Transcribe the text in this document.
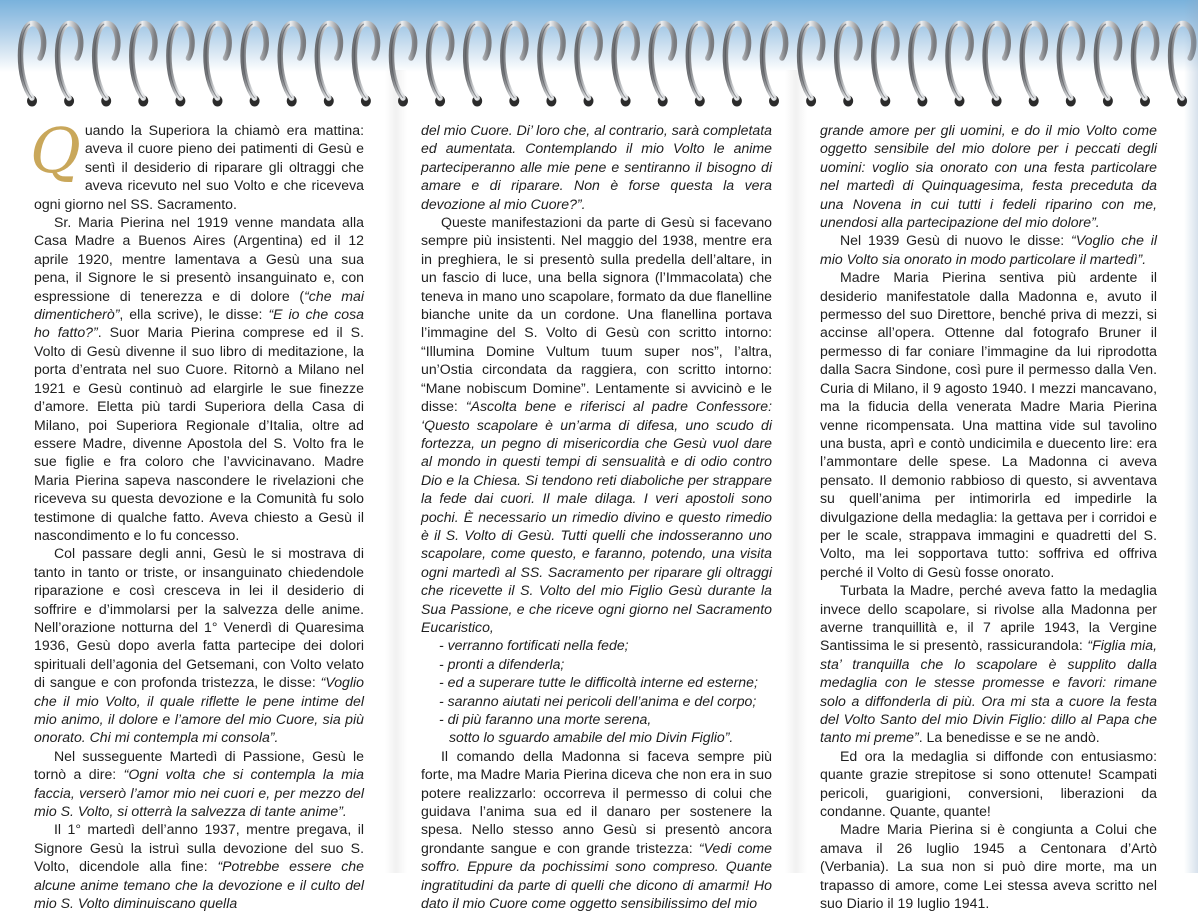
Quando la Superiora la chiamò era mattina: aveva il cuore pieno dei patimenti di Gesù e sentì il desiderio di riparare gli oltraggi che aveva ricevuto nel suo Volto e che riceveva ogni giorno nel SS. Sacramento.

Sr. Maria Pierina nel 1919 venne mandata alla Casa Madre a Buenos Aires (Argentina) ed il 12 aprile 1920, mentre lamentava a Gesù una sua pena, il Signore le si presentò insanguinato e, con espressione di tenerezza e di dolore (“che mai dimenticherò”, ella scrive), le disse: “E io che cosa ho fatto?”. Suor Maria Pierina comprese ed il S. Volto di Gesù divenne il suo libro di meditazione, la porta d’entrata nel suo Cuore. Ritornò a Milano nel 1921 e Gesù continuò ad elargirle le sue finezze d’amore. Eletta più tardi Superiora della Casa di Milano, poi Superiora Regionale d’Italia, oltre ad essere Madre, divenne Apostola del S. Volto fra le sue figlie e fra coloro che l’avvicinavano. Madre Maria Pierina sapeva nascondere le rivelazioni che riceveva su questa devozione e la Comunità fu solo testimone di qualche fatto. Aveva chiesto a Gesù il nascondimento e lo fu concesso.

Col passare degli anni, Gesù le si mostrava di tanto in tanto or triste, or insanguinato chiedendole riparazione e così cresceva in lei il desiderio di soffrire e d’immolarsi per la salvezza delle anime. Nell’orazione notturna del 1° Venerdì di Quaresima 1936, Gesù dopo averla fatta partecipe dei dolori spirituali dell’agonia del Getsemani, con Volto velato di sangue e con profonda tristezza, le disse: “Voglio che il mio Volto, il quale riflette le pene intime del mio animo, il dolore e l’amore del mio Cuore, sia più onorato. Chi mi contempla mi consola”.

Nel susseguente Martedì di Passione, Gesù le tornò a dire: “Ogni volta che si contempla la mia faccia, verserò l’amor mio nei cuori e, per mezzo del mio S. Volto, si otterrà la salvezza di tante anime”.

Il 1° martedì dell’anno 1937, mentre pregava, il Signore Gesù la istruì sulla devozione del suo S. Volto, dicendole alla fine: “Potrebbe essere che alcune anime temano che la devozione e il culto del mio S. Volto diminuiscano quella

del mio Cuore. Di’ loro che, al contrario, sarà completata ed aumentata. Contemplando il mio Volto le anime parteciperanno alle mie pene e sentiranno il bisogno di amare e di riparare. Non è forse questa la vera devozione al mio Cuore?”.

Queste manifestazioni da parte di Gesù si facevano sempre più insistenti. Nel maggio del 1938, mentre era in preghiera, le si presentò sulla predella dell’altare, in un fascio di luce, una bella signora (l’Immacolata) che teneva in mano uno scapolare, formato da due flanelline bianche unite da un cordone. Una flanellina portava l’immagine del S. Volto di Gesù con scritto intorno: “Illumina Domine Vultum tuum super nos”, l’altra, un’Ostia circondata da raggiera, con scritto intorno: “Mane nobiscum Domine”. Lentamente si avvicinò e le disse: “Ascolta bene e riferisci al padre Confessore: ‘Questo scapolare è un’arma di difesa, uno scudo di fortezza, un pegno di misericordia che Gesù vuol dare al mondo in questi tempi di sensualità e di odio contro Dio e la Chiesa. Si tendono reti diaboliche per strappare la fede dai cuori. Il male dilaga. I veri apostoli sono pochi. È necessario un rimedio divino e questo rimedio è il S. Volto di Gesù. Tutti quelli che indosseranno uno scapolare, come questo, e faranno, potendo, una visita ogni martedì al SS. Sacramento per riparare gli oltraggi che ricevette il S. Volto del mio Figlio Gesù durante la Sua Passione, e che riceve ogni giorno nel Sacramento Eucaristico,

- verranno fortificati nella fede;
- pronti a difenderla;
- ed a superare tutte le difficoltà interne ed esterne;
- saranno aiutati nei pericoli dell’anima e del corpo;
- di più faranno una morte serena,
sotto lo sguardo amabile del mio Divin Figlio”.

Il comando della Madonna si faceva sempre più forte, ma Madre Maria Pierina diceva che non era in suo potere realizzarlo: occorreva il permesso di colui che guidava l’anima sua ed il danaro per sostenere la spesa. Nello stesso anno Gesù si presentò ancora grondante sangue e con grande tristezza: “Vedi come soffro. Eppure da pochissimi sono compreso. Quante ingratitudini da parte di quelli che dicono di amarmi! Ho dato il mio Cuore come oggetto sensibilissimo del mio

grande amore per gli uomini, e do il mio Volto come oggetto sensibile del mio dolore per i peccati degli uomini: voglio sia onorato con una festa particolare nel martedì di Quinquagesima, festa preceduta da una Novena in cui tutti i fedeli riparino con me, unendosi alla partecipazione del mio dolore”.

Nel 1939 Gesù di nuovo le disse: “Voglio che il mio Volto sia onorato in modo particolare il martedì”.

Madre Maria Pierina sentiva più ardente il desiderio manifestatole dalla Madonna e, avuto il permesso del suo Direttore, benché priva di mezzi, si accinse all’opera. Ottenne dal fotografo Bruner il permesso di far coniare l’immagine da lui riprodotta dalla Sacra Sindone, così pure il permesso dalla Ven. Curia di Milano, il 9 agosto 1940. I mezzi mancavano, ma la fiducia della venerata Madre Maria Pierina venne ricompensata. Una mattina vide sul tavolino una busta, aprì e contò undicimila e duecento lire: era l’ammontare delle spese. La Madonna ci aveva pensato. Il demonio rabbioso di questo, si avventava su quell’anima per intimorirla ed impedirle la divulgazione della medaglia: la gettava per i corridoi e per le scale, strappava immagini e quadretti del S. Volto, ma lei sopportava tutto: soffriva ed offriva perché il Volto di Gesù fosse onorato.

Turbata la Madre, perché aveva fatto la medaglia invece dello scapolare, si rivolse alla Madonna per averne tranquillità e, il 7 aprile 1943, la Vergine Santissima le si presentò, rassicurandola: “Figlia mia, sta’ tranquilla che lo scapolare è supplito dalla medaglia con le stesse promesse e favori: rimane solo a diffonderla di più. Ora mi sta a cuore la festa del Volto Santo del mio Divin Figlio: dillo al Papa che tanto mi preme”. La benedisse e se ne andò.

Ed ora la medaglia si diffonde con entusiasmo: quante grazie strepitose si sono ottenute! Scampati pericoli, guarigioni, conversioni, liberazioni da condanne. Quante, quante!

Madre Maria Pierina si è congiunta a Colui che amava il 26 luglio 1945 a Centonara d’Artò (Verbania). La sua non si può dire morte, ma un trapasso di amore, come Lei stessa aveva scritto nel suo Diario il 19 luglio 1941.
